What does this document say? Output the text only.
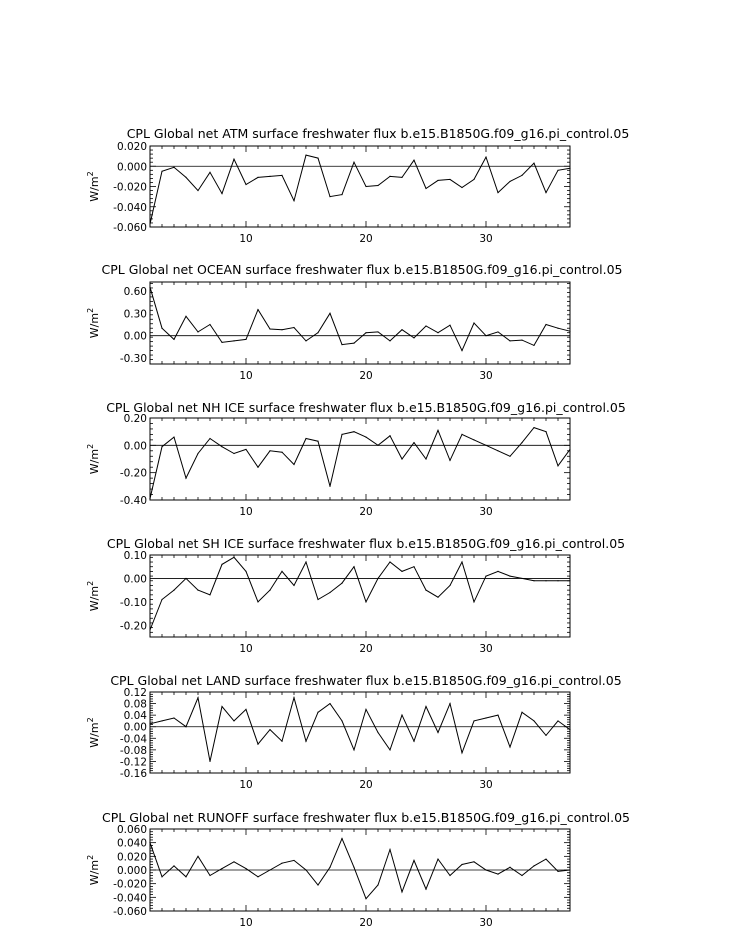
CPL Global net ATM surface freshwater flux b.e15.B1850G.f09_g16.pi_control.05
10	20	30
-0.060
-0.040
-0.020
0.000
0.020
$W/m^2$
CPL Global net OCEAN surface freshwater flux b.e15.B1850G.f09_g16.pi_control.05
10	20	30
-0.30
0.00
0.30
0.60
$W/m^2$
CPL Global net NH ICE surface freshwater flux b.e15.B1850G.f09_g16.pi_control.05
10	20	30
-0.40
-0.20
0.00
0.20
$W/m^2$
CPL Global net SH ICE surface freshwater flux b.e15.B1850G.f09_g16.pi_control.05
10	20	30
-0.20
-0.10
0.00
0.10
$W/m^2$
CPL Global net LAND surface freshwater flux b.e15.B1850G.f09_g16.pi_control.05
10	20	30
-0.16
-0.12
-0.08
-0.04
0.00
0.04
0.08
0.12
$W/m^2$
CPL Global net RUNOFF surface freshwater flux b.e15.B1850G.f09_g16.pi_control.05
10	20	30
-0.060
-0.040
-0.020
0.000
0.020
0.040
0.060
$W/m^2$
